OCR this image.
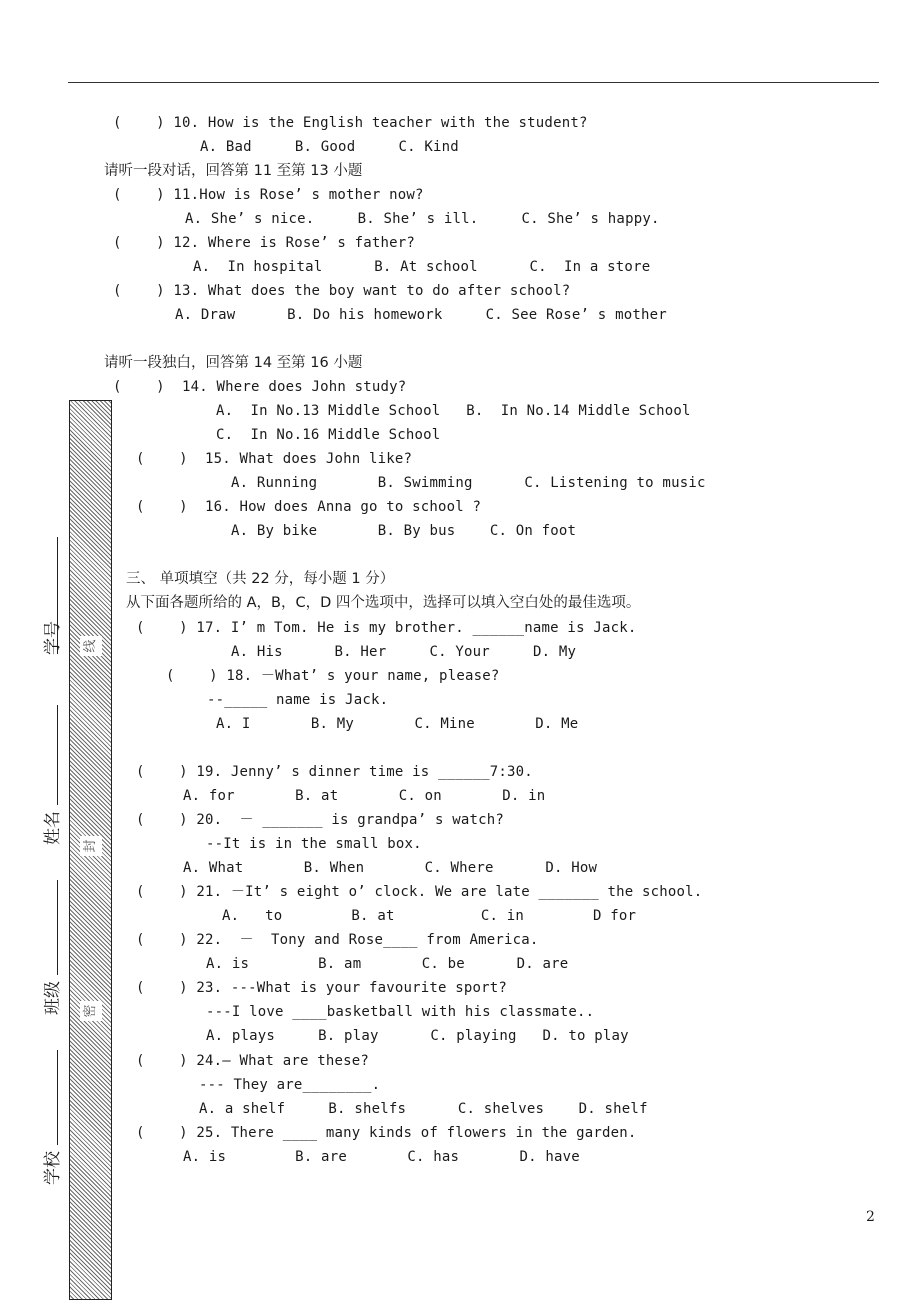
(    ) 10. How is the English teacher with the student?
A. Bad     B. Good     C. Kind
请听一段对话，回答第 11 至第 13 小题
(    ) 11.How is Rose’ s mother now?
A. She’ s nice.     B. She’ s ill.     C. She’ s happy.
(    ) 12. Where is Rose’ s father?
A.  In hospital      B. At school      C.  In a store
(    ) 13. What does the boy want to do after school?
A. Draw      B. Do his homework     C. See Rose’ s mother
请听一段独白，回答第 14 至第 16 小题
(    )  14. Where does John study?
A.  In No.13 Middle School   B.  In No.14 Middle School
C.  In No.16 Middle School
(    )  15. What does John like?
A. Running       B. Swimming      C. Listening to music
(    )  16. How does Anna go to school ?
A. By bike       B. By bus    C. On foot
三、 单项填空（共 22 分，每小题 1 分）
从下面各题所给的 A，B，C，D 四个选项中，选择可以填入空白处的最佳选项。
(    ) 17. I’ m Tom. He is my brother. ______name is Jack.
A. His      B. Her     C. Your     D. My
(    ) 18. －What’ s your name, please?
--_____ name is Jack.
A. I       B. My       C. Mine       D. Me
(    ) 19. Jenny’ s dinner time is ______7:30.
A. for       B. at       C. on       D. in
(    ) 20.  － _______ is grandpa’ s watch?
--It is in the small box.
A. What       B. When       C. Where      D. How
(    ) 21. －It’ s eight o’ clock. We are late _______ the school.
A.   to        B. at          C. in        D for
(    ) 22.  －  Tony and Rose____ from America.
A. is        B. am       C. be      D. are
(    ) 23. ---What is your favourite sport?
---I love ____basketball with his classmate..
A. plays     B. play      C. playing   D. to play
(    ) 24.— What are these?
--- They are________.
A. a shelf     B. shelfs      C. shelves    D. shelf
(    ) 25. There ____ many kinds of flowers in the garden.
A. is        B. are       C. has       D. have
线
封
密
学号
姓名
班级
学校
2
